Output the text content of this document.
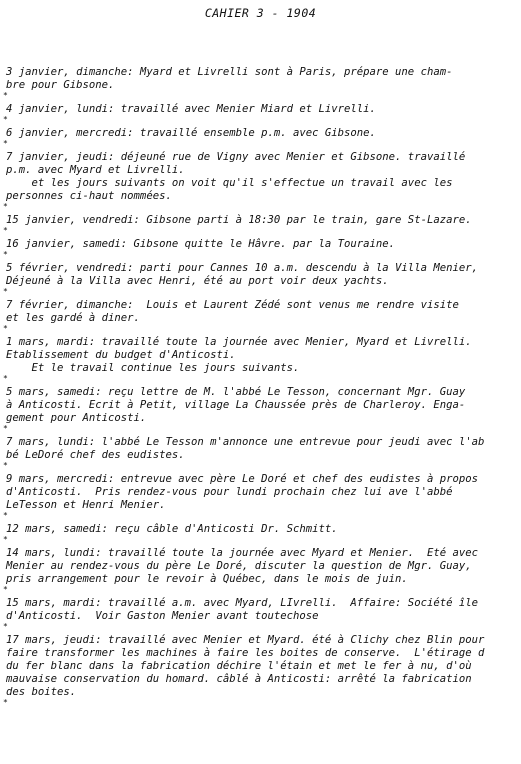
CAHIER 3 - 1904
3 janvier, dimanche: Myard et Livrelli sont à Paris, prépare une cham-
bre pour Gibsone.
*
4 janvier, lundi: travaillé avec Menier Miard et Livrelli.
*
6 janvier, mercredi: travaillé ensemble p.m. avec Gibsone.
*
7 janvier, jeudi: déjeuné rue de Vigny avec Menier et Gibsone. travaillé
p.m. avec Myard et Livrelli.
et les jours suivants on voit qu'il s'effectue un travail avec les
personnes ci-haut nommées.
*
15 janvier, vendredi: Gibsone parti à 18:30 par le train, gare St-Lazare.
*
16 janvier, samedi: Gibsone quitte le Hâvre. par la Touraine.
*
5 février, vendredi: parti pour Cannes 10 a.m. descendu à la Villa Menier,
Déjeuné à la Villa avec Henri, été au port voir deux yachts.
*
7 février, dimanche:  Louis et Laurent Zédé sont venus me rendre visite
et les gardé à diner.
*
1 mars, mardi: travaillé toute la journée avec Menier, Myard et Livrelli.
Etablissement du budget d'Anticosti.
Et le travail continue les jours suivants.
*
5 mars, samedi: reçu lettre de M. l'abbé Le Tesson, concernant Mgr. Guay
à Anticosti. Ecrit à Petit, village La Chaussée près de Charleroy. Enga-
gement pour Anticosti.
*
7 mars, lundi: l'abbé Le Tesson m'annonce une entrevue pour jeudi avec l'ab
bé LeDoré chef des eudistes.
*
9 mars, mercredi: entrevue avec père Le Doré et chef des eudistes à propos
d'Anticosti.  Pris rendez-vous pour lundi prochain chez lui ave l'abbé
LeTesson et Henri Menier.
*
12 mars, samedi: reçu câble d'Anticosti Dr. Schmitt.
*
14 mars, lundi: travaillé toute la journée avec Myard et Menier.  Eté avec
Menier au rendez-vous du père Le Doré, discuter la question de Mgr. Guay,
pris arrangement pour le revoir à Québec, dans le mois de juin.
*
15 mars, mardi: travaillé a.m. avec Myard, LIvrelli.  Affaire: Société île
d'Anticosti.  Voir Gaston Menier avant toutechose
*
17 mars, jeudi: travaillé avec Menier et Myard. été à Clichy chez Blin pour
faire transformer les machines à faire les boites de conserve.  L'étirage d
du fer blanc dans la fabrication déchire l'étain et met le fer à nu, d'où
mauvaise conservation du homard. câblé à Anticosti: arrêté la fabrication
des boites.
*
